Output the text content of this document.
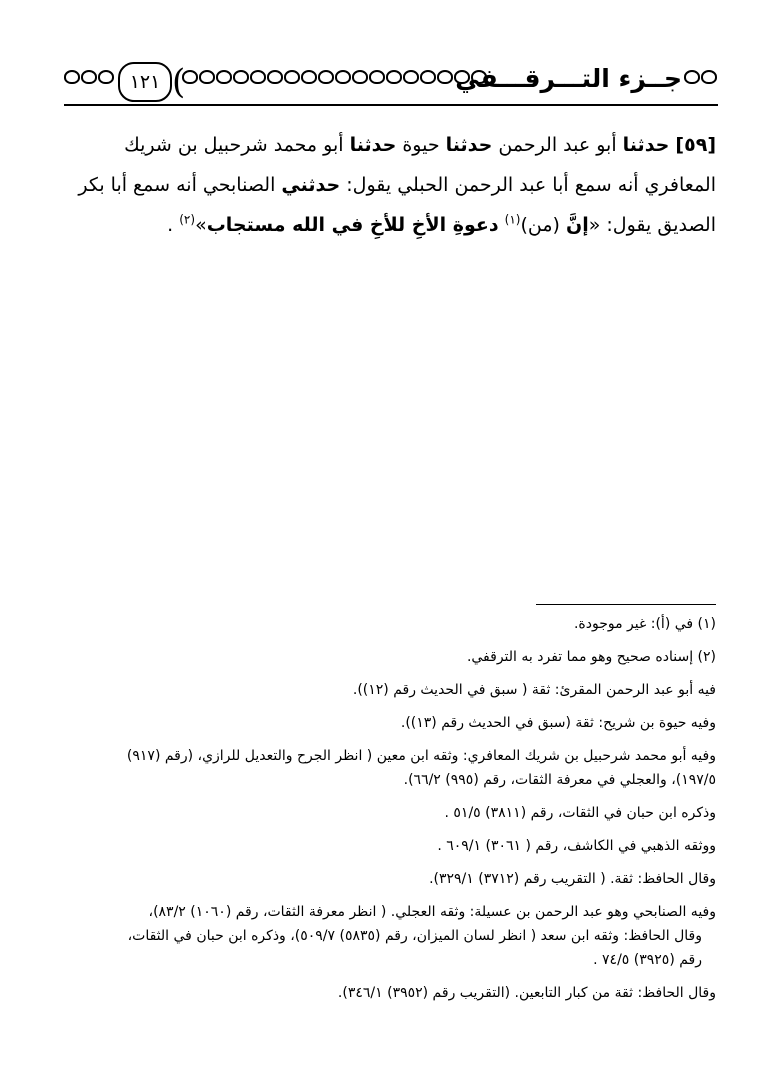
١٢١ (	جــزء التـــرقـــفي
[٥٩] حدثنا أبو عبد الرحمن حدثنا حيوة حدثنا أبو محمد شرحبيل بن شريك
المعافري أنه سمع أبا عبد الرحمن الحبلي يقول: حدثني الصنابحي أنه سمع أبا بكر
الصديق يقول: «إنَّ (من)$^{(١)}$ دعوةِ الأخِ للأخِ في الله مستجاب»$^{(٢)}$ .
(١) في (أ): غير موجودة.
(٢) إسناده صحيح وهو مما تفرد به الترقفي.
فيه أبو عبد الرحمن المقرئ: ثقة ( سبق في الحديث رقم (١٢)).
وفيه حيوة بن شريح: ثقة (سبق في الحديث رقم (١٣)).
وفيه أبو محمد شرحبيل بن شريك المعافري: وثقه ابن معين ( انظر الجرح والتعديل للرازي، (رقم (٩١٧)
١٩٧/٥)، والعجلي في معرفة الثقات، رقم (٩٩٥) ٦٦/٢).
وذكره ابن حبان في الثقات، رقم (٣٨١١) ٥١/٥ .
ووثقه الذهبي في الكاشف، رقم ( ٣٠٦١) ٦٠٩/١ .
وقال الحافظ: ثقة. ( التقريب رقم (٣٧١٢) ٣٢٩/١).
وفيه الصنابحي وهو عبد الرحمن بن عسيلة: وثقه العجلي. ( انظر معرفة الثقات، رقم (١٠٦٠) ٨٣/٢)،
وقال الحافظ: وثقه ابن سعد ( انظر لسان الميزان، رقم (٥٨٣٥) ٥٠٩/٧)، وذكره ابن حبان في الثقات،
رقم (٣٩٢٥) ٧٤/٥ .
وقال الحافظ: ثقة من كبار التابعين. (التقريب رقم (٣٩٥٢) ٣٤٦/١).
